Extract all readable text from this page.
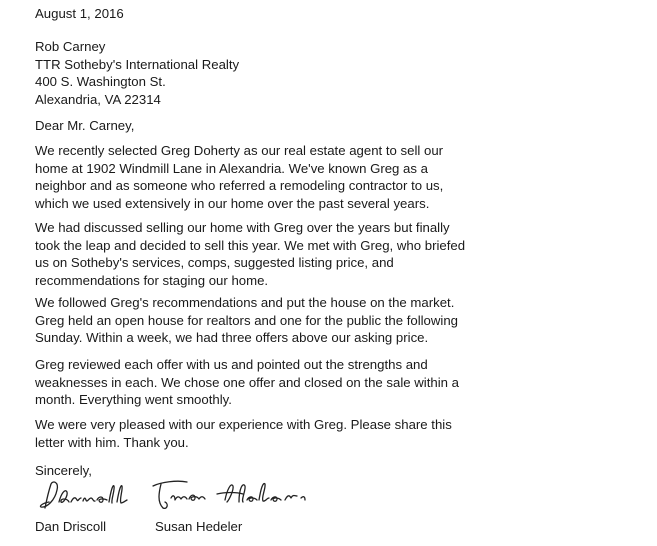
August 1, 2016
Rob Carney
TTR Sotheby's International Realty
400 S. Washington St.
Alexandria, VA 22314
Dear Mr. Carney,
We recently selected Greg Doherty as our real estate agent to sell our
home at 1902 Windmill Lane in Alexandria. We've known Greg as a
neighbor and as someone who referred a remodeling contractor to us,
which we used extensively in our home over the past several years.
We had discussed selling our home with Greg over the years but finally
took the leap and decided to sell this year. We met with Greg, who briefed
us on Sotheby's services, comps, suggested listing price, and
recommendations for staging our home.
We followed Greg's recommendations and put the house on the market.
Greg held an open house for realtors and one for the public the following
Sunday. Within a week, we had three offers above our asking price.
Greg reviewed each offer with us and pointed out the strengths and
weaknesses in each. We chose one offer and closed on the sale within a
month. Everything went smoothly.
We were very pleased with our experience with Greg. Please share this
letter with him. Thank you.
Sincerely,
Dan Driscoll	Susan Hedeler
